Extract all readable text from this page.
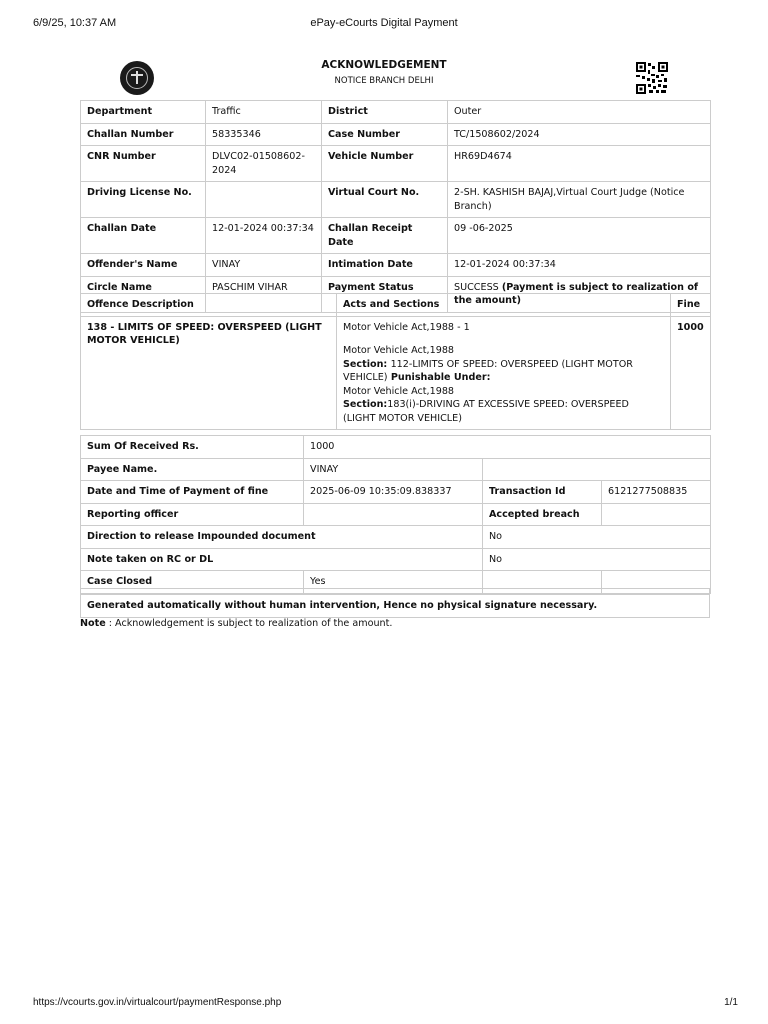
6/9/25, 10:37 AM	ePay-eCourts Digital Payment
ACKNOWLEDGEMENT
NOTICE BRANCH DELHI
Department	Traffic	District	Outer
Challan Number	58335346	Case Number	TC/1508602/2024
CNR Number	DLVC02-01508602-2024	Vehicle Number	HR69D4674
Driving License No.		Virtual Court No.	2-SH. KASHISH BAJAJ,Virtual Court Judge (Notice Branch)
Challan Date	12-01-2024 00:37:34	Challan Receipt Date	09 -06-2025
Offender's Name	VINAY	Intimation Date	12-01-2024 00:37:34
Circle Name	PASCHIM VIHAR	Payment Status	SUCCESS (Payment is subject to realization of the amount)
Offence Description	Acts and Sections	Fine
138 - LIMITS OF SPEED: OVERSPEED (LIGHT MOTOR VEHICLE)	Motor Vehicle Act,1988 - 1
Motor Vehicle Act,1988
Section: 112-LIMITS OF SPEED: OVERSPEED (LIGHT MOTOR VEHICLE) Punishable Under:
Motor Vehicle Act,1988
Section:183(i)-DRIVING AT EXCESSIVE SPEED: OVERSPEED (LIGHT MOTOR VEHICLE)	1000
Sum Of Received Rs.	1000		
Payee Name.	VINAY		
Date and Time of Payment of fine	2025-06-09 10:35:09.838337	Transaction Id	6121277508835
Reporting officer		Accepted breach	
Direction to release Impounded document		No	
Note taken on RC or DL		No	
Case Closed	Yes		

Generated automatically without human intervention, Hence no physical signature necessary.
Note : Acknowledgement is subject to realization of the amount.
https://vcourts.gov.in/virtualcourt/paymentResponse.php	1/1
